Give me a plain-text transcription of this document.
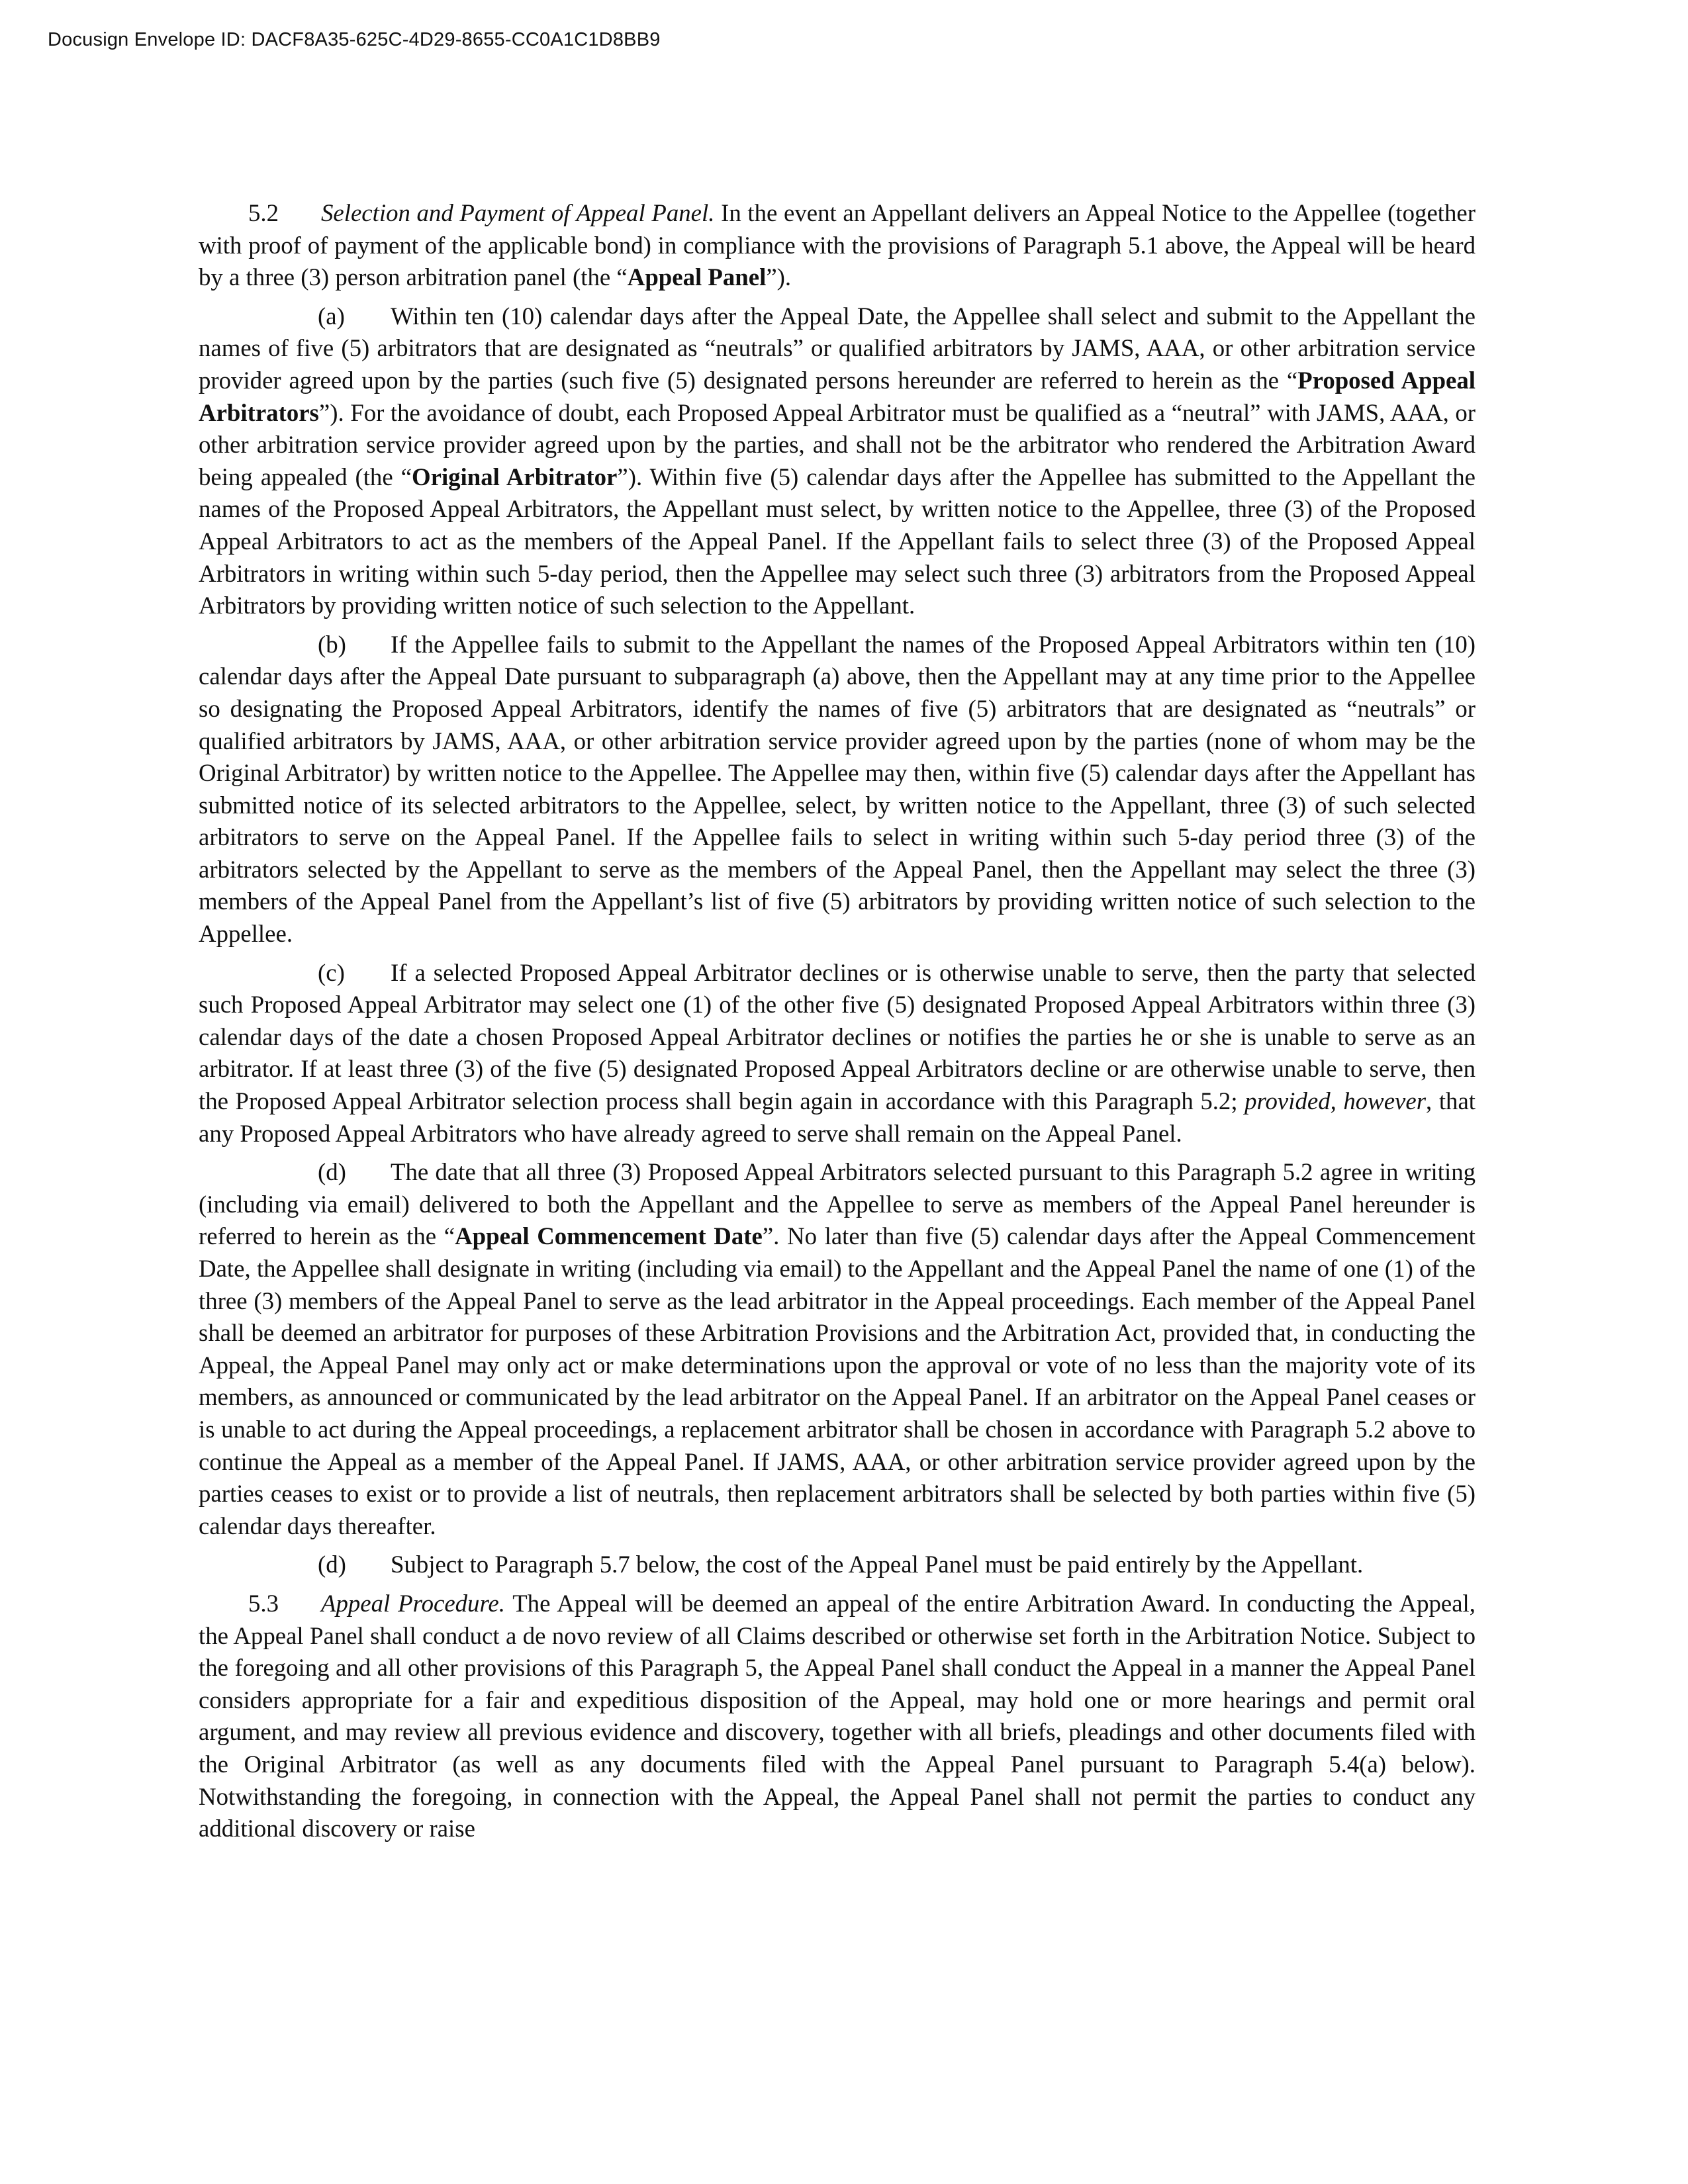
Docusign Envelope ID: DACF8A35-625C-4D29-8655-CC0A1C1D8BB9

5.2 Selection and Payment of Appeal Panel. In the event an Appellant delivers an Appeal Notice to the Appellee (together with proof of payment of the applicable bond) in compliance with the provisions of Paragraph 5.1 above, the Appeal will be heard by a three (3) person arbitration panel (the “Appeal Panel”).

(a) Within ten (10) calendar days after the Appeal Date, the Appellee shall select and submit to the Appellant the names of five (5) arbitrators that are designated as “neutrals” or qualified arbitrators by JAMS, AAA, or other arbitration service provider agreed upon by the parties (such five (5) designated persons hereunder are referred to herein as the “Proposed Appeal Arbitrators”). For the avoidance of doubt, each Proposed Appeal Arbitrator must be qualified as a “neutral” with JAMS, AAA, or other arbitration service provider agreed upon by the parties, and shall not be the arbitrator who rendered the Arbitration Award being appealed (the “Original Arbitrator”). Within five (5) calendar days after the Appellee has submitted to the Appellant the names of the Proposed Appeal Arbitrators, the Appellant must select, by written notice to the Appellee, three (3) of the Proposed Appeal Arbitrators to act as the members of the Appeal Panel. If the Appellant fails to select three (3) of the Proposed Appeal Arbitrators in writing within such 5-day period, then the Appellee may select such three (3) arbitrators from the Proposed Appeal Arbitrators by providing written notice of such selection to the Appellant.

(b) If the Appellee fails to submit to the Appellant the names of the Proposed Appeal Arbitrators within ten (10) calendar days after the Appeal Date pursuant to subparagraph (a) above, then the Appellant may at any time prior to the Appellee so designating the Proposed Appeal Arbitrators, identify the names of five (5) arbitrators that are designated as “neutrals” or qualified arbitrators by JAMS, AAA, or other arbitration service provider agreed upon by the parties (none of whom may be the Original Arbitrator) by written notice to the Appellee. The Appellee may then, within five (5) calendar days after the Appellant has submitted notice of its selected arbitrators to the Appellee, select, by written notice to the Appellant, three (3) of such selected arbitrators to serve on the Appeal Panel. If the Appellee fails to select in writing within such 5-day period three (3) of the arbitrators selected by the Appellant to serve as the members of the Appeal Panel, then the Appellant may select the three (3) members of the Appeal Panel from the Appellant’s list of five (5) arbitrators by providing written notice of such selection to the Appellee.

(c) If a selected Proposed Appeal Arbitrator declines or is otherwise unable to serve, then the party that selected such Proposed Appeal Arbitrator may select one (1) of the other five (5) designated Proposed Appeal Arbitrators within three (3) calendar days of the date a chosen Proposed Appeal Arbitrator declines or notifies the parties he or she is unable to serve as an arbitrator. If at least three (3) of the five (5) designated Proposed Appeal Arbitrators decline or are otherwise unable to serve, then the Proposed Appeal Arbitrator selection process shall begin again in accordance with this Paragraph 5.2; provided, however, that any Proposed Appeal Arbitrators who have already agreed to serve shall remain on the Appeal Panel.

(d) The date that all three (3) Proposed Appeal Arbitrators selected pursuant to this Paragraph 5.2 agree in writing (including via email) delivered to both the Appellant and the Appellee to serve as members of the Appeal Panel hereunder is referred to herein as the “Appeal Commencement Date”. No later than five (5) calendar days after the Appeal Commencement Date, the Appellee shall designate in writing (including via email) to the Appellant and the Appeal Panel the name of one (1) of the three (3) members of the Appeal Panel to serve as the lead arbitrator in the Appeal proceedings. Each member of the Appeal Panel shall be deemed an arbitrator for purposes of these Arbitration Provisions and the Arbitration Act, provided that, in conducting the Appeal, the Appeal Panel may only act or make determinations upon the approval or vote of no less than the majority vote of its members, as announced or communicated by the lead arbitrator on the Appeal Panel. If an arbitrator on the Appeal Panel ceases or is unable to act during the Appeal proceedings, a replacement arbitrator shall be chosen in accordance with Paragraph 5.2 above to continue the Appeal as a member of the Appeal Panel. If JAMS, AAA, or other arbitration service provider agreed upon by the parties ceases to exist or to provide a list of neutrals, then replacement arbitrators shall be selected by both parties within five (5) calendar days thereafter.

(d) Subject to Paragraph 5.7 below, the cost of the Appeal Panel must be paid entirely by the Appellant.

5.3 Appeal Procedure. The Appeal will be deemed an appeal of the entire Arbitration Award. In conducting the Appeal, the Appeal Panel shall conduct a de novo review of all Claims described or otherwise set forth in the Arbitration Notice. Subject to the foregoing and all other provisions of this Paragraph 5, the Appeal Panel shall conduct the Appeal in a manner the Appeal Panel considers appropriate for a fair and expeditious disposition of the Appeal, may hold one or more hearings and permit oral argument, and may review all previous evidence and discovery, together with all briefs, pleadings and other documents filed with the Original Arbitrator (as well as any documents filed with the Appeal Panel pursuant to Paragraph 5.4(a) below). Notwithstanding the foregoing, in connection with the Appeal, the Appeal Panel shall not permit the parties to conduct any additional discovery or raise
